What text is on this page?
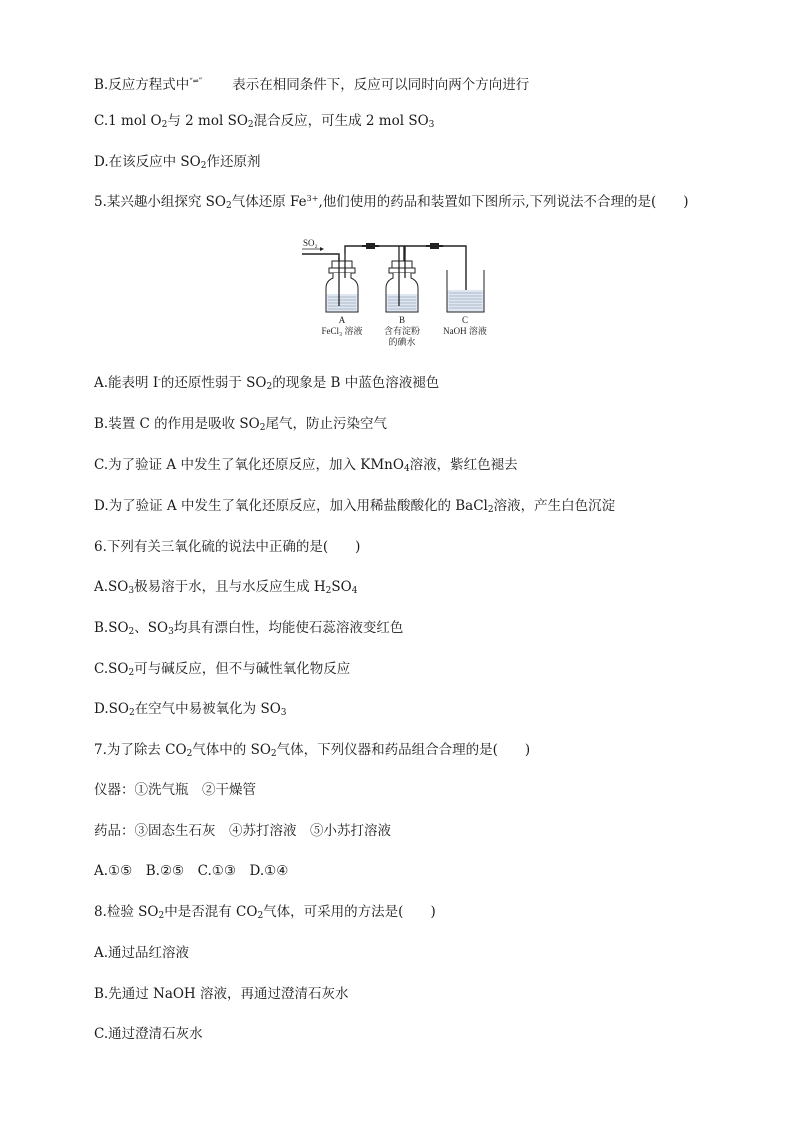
B.反应方程式中“⇌” 表示在相同条件下，反应可以同时向两个方向进行
C.1 mol $O_2$与 2 mol $SO_2$混合反应，可生成 2 mol $SO_3$
D.在该反应中 $SO_2$作还原剂
5.某兴趣小组探究 $SO_2$气体还原 $Fe^{3+}$,他们使用的药品和装置如下图所示,下列说法不合理的是(　　)
SO₂
A
FeCl₃ 溶液
B
含有淀粉
的碘水
C
NaOH 溶液
A.能表明 I-的还原性弱于 $SO_2$的现象是 B 中蓝色溶液褪色
B.装置 C 的作用是吸收 $SO_2$尾气，防止污染空气
C.为了验证 A 中发生了氧化还原反应，加入 KMnO$_4$溶液，紫红色褪去
D.为了验证 A 中发生了氧化还原反应，加入用稀盐酸酸化的 BaCl$_2$溶液，产生白色沉淀
6.下列有关三氧化硫的说法中正确的是(　　)
$A.SO_3$极易溶于水，且与水反应生成 $H_2SO_4$
$B.SO_2$、$SO_3$均具有漂白性，均能使石蕊溶液变红色
$C.SO_2$可与碱反应，但不与碱性氧化物反应
$D.SO_2$在空气中易被氧化为 $SO_3$
7.为了除去 $CO_2$气体中的 $SO_2$气体，下列仪器和药品组合合理的是(　　)
仪器：①洗气瓶　②干燥管
药品：③固态生石灰　④苏打溶液　⑤小苏打溶液
A.①⑤　B.②⑤　C.①③　D.①④
8.检验 $SO_2$中是否混有 $CO_2$气体，可采用的方法是(　　)
A.通过品红溶液
B.先通过 NaOH 溶液，再通过澄清石灰水
C.通过澄清石灰水
